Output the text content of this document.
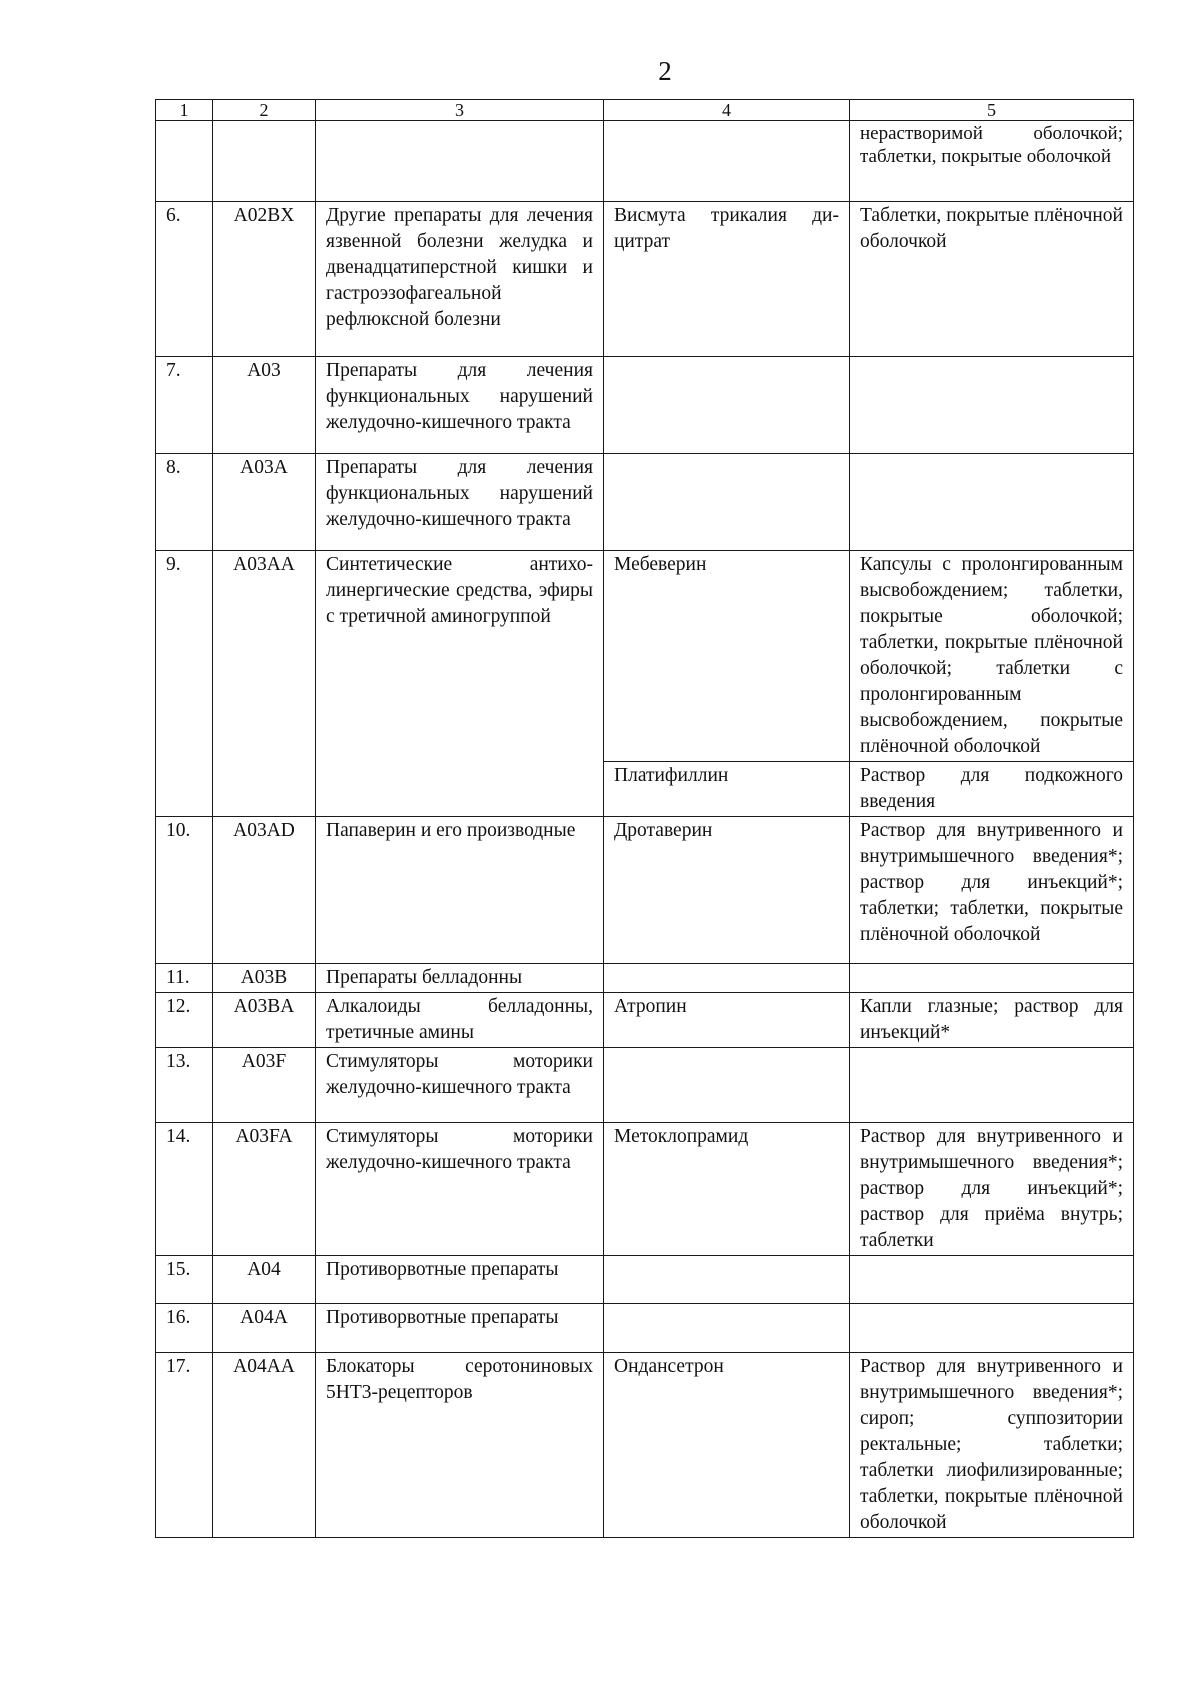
2
1	2	3	4	5
				нерастворимой оболочкой; таблетки, покрытые оболочкой
6.	A02BX	Другие препараты для лечения язвенной болезни желудка и двенадцатиперстной кишки и гастроэзофагеальной рефлюксной болезни	Висмута трикалия дицитрат	Таблетки, покрытые плёночной оболочкой
7.	A03	Препараты для лечения функциональных нарушений желудочно-кишечного тракта		
8.	A03A	Препараты для лечения функциональных нарушений желудочно-кишечного тракта		
9.	A03AA	Синтетические антихолинергические средства, эфиры с третичной аминогруппой	Мебеверин	Капсулы с пролонгированным высвобождением; таблетки, покрытые оболочкой; таблетки, покрытые плёночной оболочкой; таблетки с пролонгированным высвобождением, покрытые плёночной оболочкой
			Платифиллин	Раствор для подкожного введения
10.	A03AD	Папаверин и его производные	Дротаверин	Раствор для внутривенного и внутримышечного введения*; раствор для инъекций*; таблетки; таблетки, покрытые плёночной оболочкой
11.	A03B	Препараты белладонны		
12.	A03BA	Алкалоиды белладонны, третичные амины	Атропин	Капли глазные; раствор для инъекций*
13.	A03F	Стимуляторы моторики желудочно-кишечного тракта		
14.	A03FA	Стимуляторы моторики желудочно-кишечного тракта	Метоклопрамид	Раствор для внутривенного и внутримышечного введения*; раствор для инъекций*; раствор для приёма внутрь; таблетки
15.	A04	Противорвотные препараты		
16.	A04A	Противорвотные препараты		
17.	A04AA	Блокаторы серотониновых 5HT3-рецепторов	Ондансетрон	Раствор для внутривенного и внутримышечного введения*; сироп; суппозитории ректальные; таблетки; таблетки лиофилизированные; таблетки, покрытые плёночной оболочкой
